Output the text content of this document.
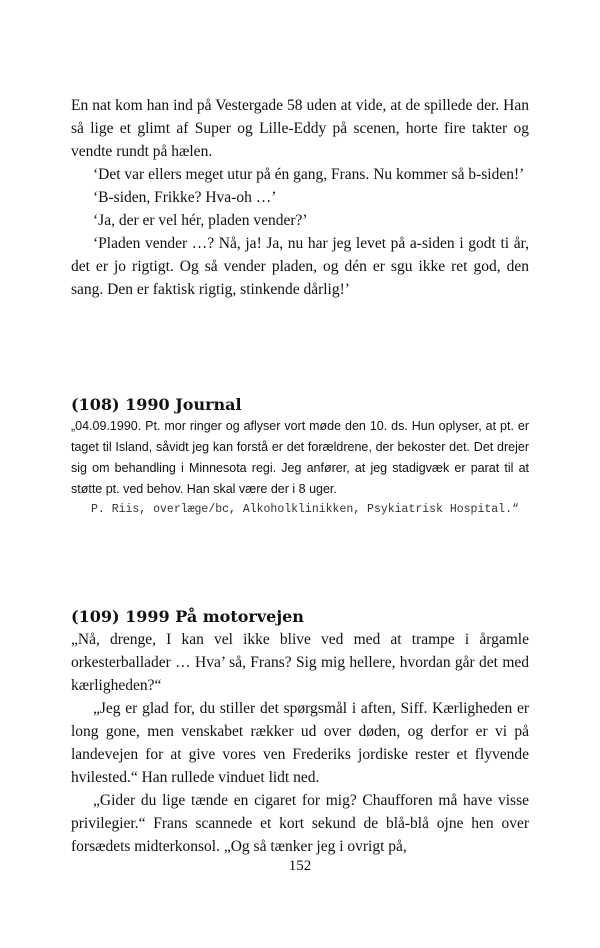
En nat kom han ind på Vestergade 58 uden at vide, at de spillede der. Han så lige et glimt af Super og Lille-Eddy på scenen, horte fire takter og vendte rundt på hælen.

‘Det var ellers meget utur på én gang, Frans. Nu kommer så b-siden!’

‘B-siden, Frikke? Hva-oh …’

‘Ja, der er vel hér, pladen vender?’

‘Pladen vender …? Nå, ja! Ja, nu har jeg levet på a-siden i godt ti år, det er jo rigtigt. Og så vender pladen, og dén er sgu ikke ret god, den sang. Den er faktisk rigtig, stinkende dårlig!’

(108) 1990 Journal

„04.09.1990. Pt. mor ringer og aflyser vort møde den 10. ds. Hun oplyser, at pt. er taget til Island, såvidt jeg kan forstå er det forældrene, der bekoster det. Det drejer sig om behandling i Minnesota regi. Jeg anfører, at jeg stadigvæk er parat til at støtte pt. ved behov. Han skal være der i 8 uger.

P. Riis, overlæge/bc, Alkoholklinikken, Psykiatrisk Hospital.“

(109) 1999 På motorvejen

„Nå, drenge, I kan vel ikke blive ved med at trampe i årgamle orkesterballader … Hva’ så, Frans? Sig mig hellere, hvordan går det med kærligheden?“

„Jeg er glad for, du stiller det spørgsmål i aften, Siff. Kærligheden er long gone, men venskabet rækker ud over døden, og derfor er vi på landevejen for at give vores ven Frederiks jordiske rester et flyvende hvilested.“ Han rullede vinduet lidt ned.

„Gider du lige tænde en cigaret for mig? Chaufforen må have visse privilegier.“ Frans scannede et kort sekund de blå-blå ojne hen over forsædets midterkonsol. „Og så tænker jeg i ovrigt på,

152
